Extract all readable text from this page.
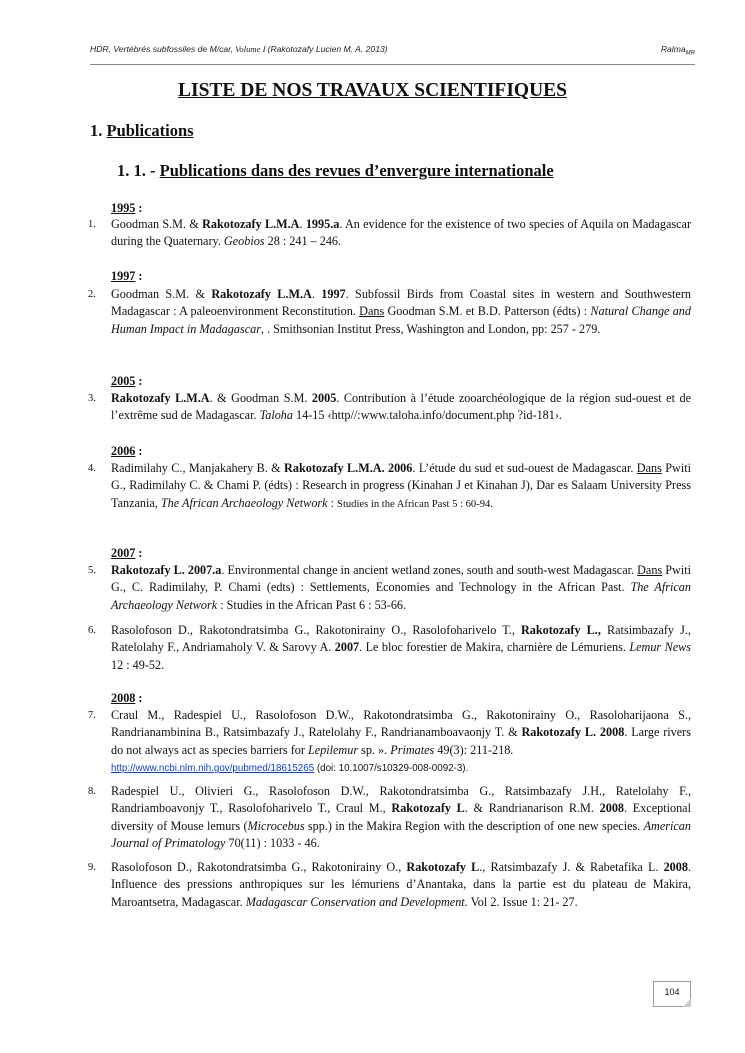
HDR, Vertébrés subfossiles de M/car, Volume I (Rakotozafy Lucien M. A. 2013)	Ralma$_{MR}$
LISTE DE NOS TRAVAUX SCIENTIFIQUES
1. Publications
1. 1. - Publications dans des revues d’envergure internationale
1995 :
1. Goodman S.M. & Rakotozafy L.M.A. 1995.a. An evidence for the existence of two species of Aquila on Madagascar during the Quaternary. Geobios 28 : 241 – 246.
1997 :
2. Goodman S.M. & Rakotozafy L.M.A. 1997. Subfossil Birds from Coastal sites in western and Southwestern Madagascar : A paleoenvironment Reconstitution. Dans Goodman S.M. et B.D. Patterson (édts) : Natural Change and Human Impact in Madagascar, . Smithsonian Institut Press, Washington and London, pp: 257 - 279.
2005 :
3. Rakotozafy L.M.A. & Goodman S.M. 2005. Contribution à l’étude zooarchéologique de la région sud-ouest et de l’extrême sud de Madagascar. Taloha 14-15 ‹http//:www.taloha.info/document.php ?id-181›.
2006 :
4. Radimilahy C., Manjakahery B. & Rakotozafy L.M.A. 2006. L’étude du sud et sud-ouest de Madagascar. Dans Pwiti G., Radimilahy C. & Chami P. (édts) : Research in progress (Kinahan J et Kinahan J), Dar es Salaam University Press Tanzania, The African Archaeology Network : Studies in the African Past 5 : 60-94.
2007 :
5. Rakotozafy L. 2007.a. Environmental change in ancient wetland zones, south and south-west Madagascar. Dans Pwiti G., C. Radimilahy, P. Chami (edts) : Settlements, Economies and Technology in the African Past. The African Archaeology Network : Studies in the African Past 6 : 53-66.
6. Rasolofoson D., Rakotondratsimba G., Rakotonirainy O., Rasolofoharivelo T., Rakotozafy L., Ratsimbazafy J., Ratelolahy F., Andriamaholy V. & Sarovy A. 2007. Le bloc forestier de Makira, charnière de Lémuriens. Lemur News 12 : 49-52.
2008 :
7. Craul M., Radespiel U., Rasolofoson D.W., Rakotondratsimba G., Rakotonirainy O., Rasoloharijaona S., Randrianambinina B., Ratsimbazafy J., Ratelolahy F., Randrianamboavaonjy T. & Rakotozafy L. 2008. Large rivers do not always act as species barriers for Lepilemur sp. ». Primates 49(3): 211-218.
http://www.ncbi.nlm.nih.gov/pubmed/18615265 (doi: 10.1007/s10329-008-0092-3).
8. Radespiel U., Olivieri G., Rasolofoson D.W., Rakotondratsimba G., Ratsimbazafy J.H., Ratelolahy F., Randriamboavonjy T., Rasolofoharivelo T., Craul M., Rakotozafy L. & Randrianarison R.M. 2008. Exceptional diversity of Mouse lemurs (Microcebus spp.) in the Makira Region with the description of one new species. American Journal of Primatology 70(11) : 1033 - 46.
9. Rasolofoson D., Rakotondratsimba G., Rakotonirainy O., Rakotozafy L., Ratsimbazafy J. & Rabetafika L. 2008. Influence des pressions anthropiques sur les lémuriens d’Anantaka, dans la partie est du plateau de Makira, Maroantsetra, Madagascar. Madagascar Conservation and Development. Vol 2. Issue 1: 21- 27.
104
